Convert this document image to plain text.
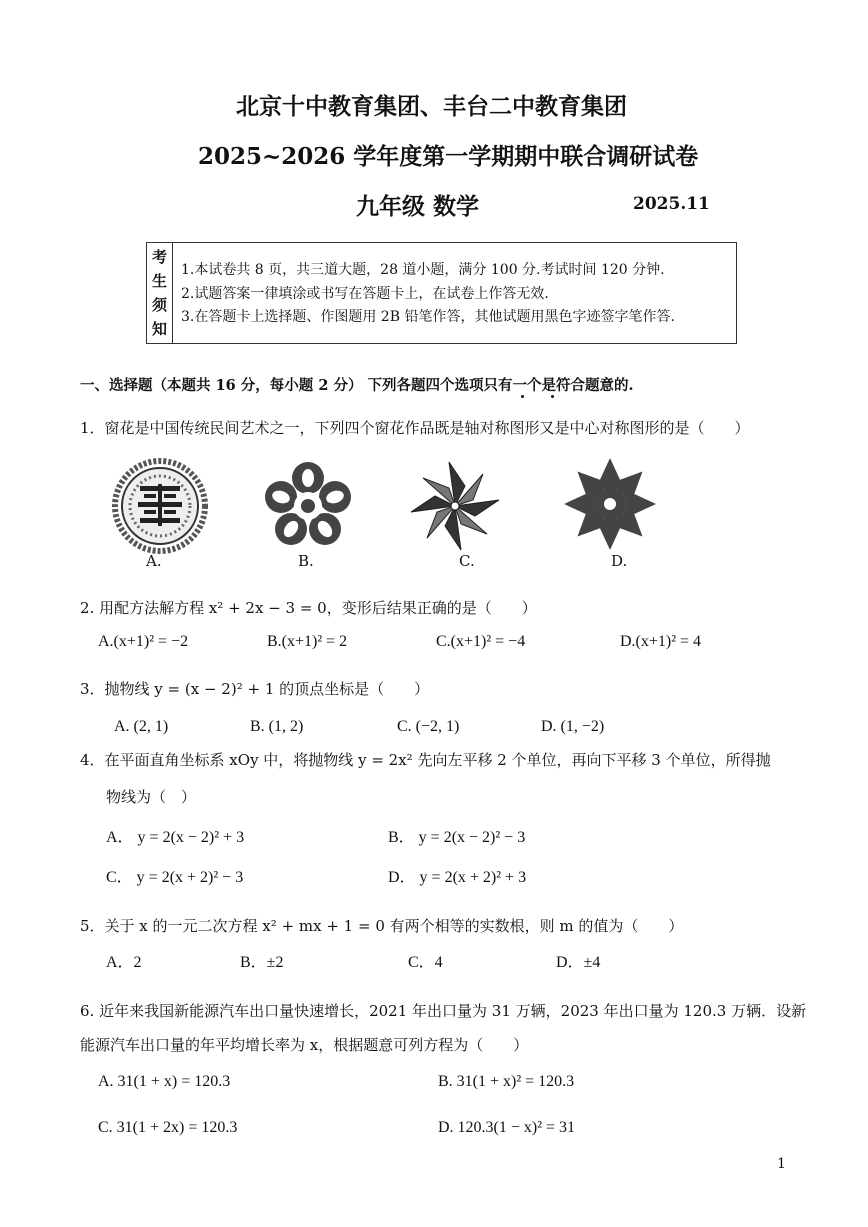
北京十中教育集团、丰台二中教育集团
2025~2026 学年度第一学期期中联合调研试卷
九年级 数学	2025.11
考
生
须
知
1.本试卷共 8 页，共三道大题，28 道小题，满分 100 分.考试时间 120 分钟.
2.试题答案一律填涂或书写在答题卡上，在试卷上作答无效.
3.在答题卡上选择题、作图题用 2B 铅笔作答，其他试题用黑色字迹签字笔作答.
一、选择题（本题共 16 分，每小题 2 分） 下列各题四个选项只有一个是符合题意的.
1．窗花是中国传统民间艺术之一，下列四个窗花作品既是轴对称图形又是中心对称图形的是（　　）
A.	B.	C.	D.
2. 用配方法解方程 x² + 2x − 3 = 0，变形后结果正确的是（　　）
A.(x+1)² = −2	B.(x+1)² = 2	C.(x+1)² = −4	D.(x+1)² = 4
3．抛物线 y = (x − 2)² + 1 的顶点坐标是（　　）
A. (2, 1)	B. (1, 2)	C. (−2, 1)	D. (1, −2)
4．在平面直角坐标系 xOy 中，将抛物线 y = 2x² 先向左平移 2 个单位，再向下平移 3 个单位，所得抛
物线为（　）
A． y = 2(x − 2)² + 3	B． y = 2(x − 2)² − 3
C． y = 2(x + 2)² − 3	D． y = 2(x + 2)² + 3
5．关于 x 的一元二次方程 x² + mx + 1 = 0 有两个相等的实数根，则 m 的值为（　　）
A．2	B．±2	C．4	D．±4
6. 近年来我国新能源汽车出口量快速增长，2021 年出口量为 31 万辆，2023 年出口量为 120.3 万辆．设新
能源汽车出口量的年平均增长率为 x，根据题意可列方程为（　　）
A. 31(1 + x) = 120.3	B. 31(1 + x)² = 120.3
C. 31(1 + 2x) = 120.3	D. 120.3(1 − x)² = 31
1
